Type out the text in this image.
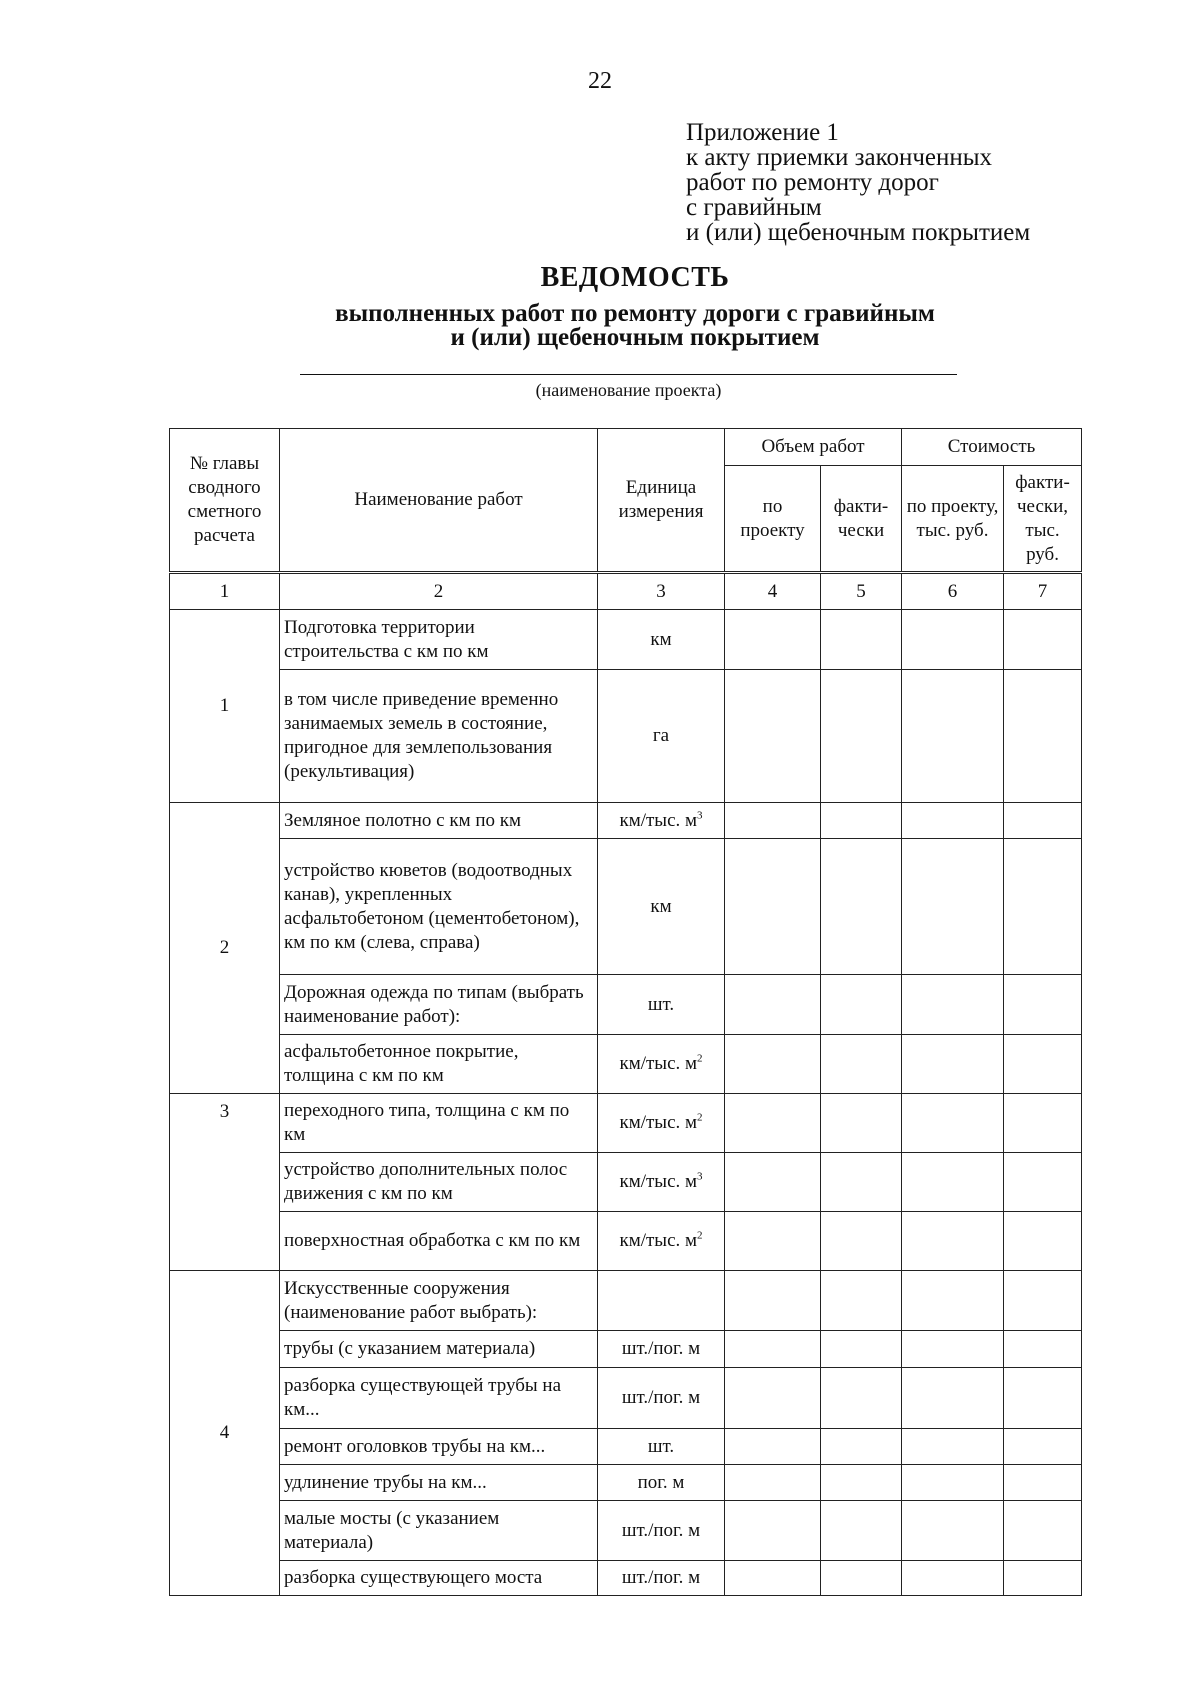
22
Приложение 1
к акту приемки законченных
работ по ремонту дорог
с гравийным
и (или) щебеночным покрытием
ВЕДОМОСТЬ
выполненных работ по ремонту дороги с гравийным
и (или) щебеночным покрытием
(наименование проекта)
№ главы сводного сметного расчета	Наименование работ	Единица измерения	Объем работ		Стоимость	
			по проекту	факти-чески	по проекту, тыс. руб.	факти-чески, тыс. руб.
1	2	3	4	5	6	7
1	Подготовка территории строительства с км по км	км				
	в том числе приведение временно занимаемых земель в состояние, пригодное для землепользования (рекультивация)	га				
2	Земляное полотно с км по км	км/тыс. $м^3$				
	устройство кюветов (водоотводных канав), укрепленных асфальтобетоном (цементобетоном), км по км (слева, справа)	км				
	Дорожная одежда по типам (выбрать наименование работ):	шт.				
	асфальтобетонное покрытие, толщина с км по км	км/тыс. $м^2$				
3	переходного типа, толщина с км по км	км/тыс. $м^2$				
	устройство дополнительных полос движения с км по км	км/тыс. $м^3$				
	поверхностная обработка с км по км	км/тыс. $м^2$				
4	Искусственные сооружения (наименование работ выбрать):					
	трубы (с указанием материала)	шт./пог. м				
	разборка существующей трубы на км...	шт./пог. м				
	ремонт оголовков трубы на км...	шт.				
	удлинение трубы на км...	пог. м				
	малые мосты (с указанием материала)	шт./пог. м				
	разборка существующего моста	шт./пог. м				
